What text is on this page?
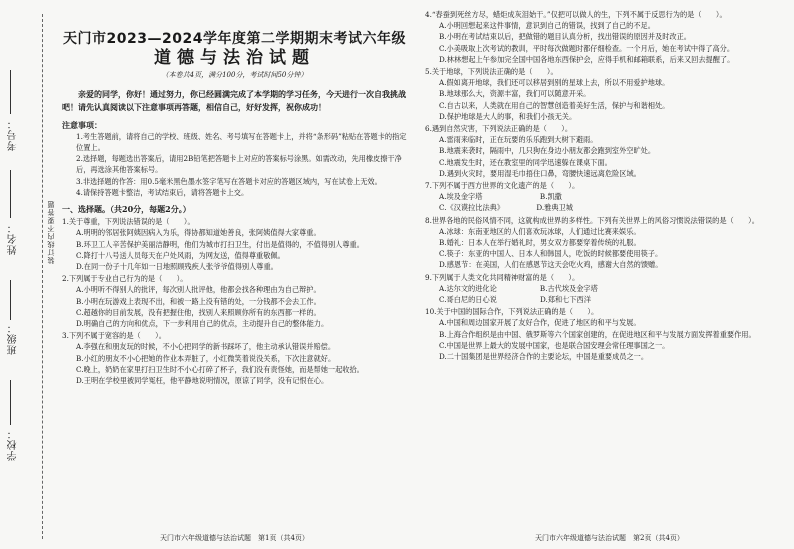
学校：
班级：
姓名：
考号：
装订线内不要答题
天门市2023—2024学年度第二学期期末考试六年级
道德与法治试题
（本卷共4页，满分100分，考试时间50分钟）
亲爱的同学，你好！通过努力，你已经圆满完成了本学期的学习任务，今天进行一次自我挑战吧！请先认真阅读以下注意事项再答题，相信自己，好好发挥，祝你成功！
注意事项：

1.考生答题前，请将自己的学校、班级、姓名、考号填写在答题卡上，并将“条形码”粘贴在答题卡的指定位置上。

2.选择题，每题选出答案后，请用2B铅笔把答题卡上对应的答案标号涂黑。如需改动，先用橡皮擦干净后，再选涂其他答案标号。

3.非选择题的作答：用0.5毫米黑色墨水签字笔写在答题卡对应的答题区域内，写在试卷上无效。

4.请保持答题卡整洁，考试结束后，请将答题卡上交。

一、选择题。（共20分，每题2分。）

1.关于尊重，下列说法错误的是（　　）。

A.明明的邻居张阿姨因病入为乐，得协都知道她善良，张阿姨值得大家尊重。

B.环卫工人辛苦保护美丽洁静明，他们为城市打扫卫生，付出是值得的，不值得别人尊重。

C.降打十八号送人员每天在户处风雨，为网友送，值得尊重敬佩。

D.在同一份子十几年如一日地照顾残疾人张爷爷值得别人尊重。

2.下列属于专业自己行为的是（　　）。

A.小明听不得别人的批评，每次别人批评他，他都会找各种理由为自己辩护。

B.小明在玩游戏上表现不出，和被一路上没有错的处，一分钱都不会去工作。

C.超越你的目前发展，没有把握住他，找别人来照顾你所有的东西都一样的。

D.明确自己的方向和优点，下一步利用自己的优点，主动提升自己的整体能力。

3.下列不属于宽容的是（　　）。

A.李强在和朋友玩的时候，不小心把同学的新书踩坏了，他主动承认错误并赔偿。

B.小红的朋友不小心把她的作业本弄脏了，小红微笑着说没关系，下次注意就好。

C.晚上，奶奶在家里打扫卫生时不小心打碎了杯子，我们没有责怪她，而是帮她一起收拾。

D.王明在学校里被同学冤枉，他平静地说明情况，原谅了同学，没有记恨在心。

天门市六年级道德与法治试题　第1页（共4页）

4.“春蚕到死丝方尽，蜡炬成灰泪始干。”仅把可以做人的生，下列不属于反思行为的是（　　）。

A.小明回想起来这件事情，意识到自己的错误，找到了自己的不足。

B.小明在考试结束以后，把做错的题目认真分析，找出错误的原因并及时改正。

C.小美吸取上次考试的教训，平时每次做题时都仔细检查。一个月后，她在考试中得了高分。

D.林林想起上午参加完全国中国各地东西保护会，应得手机和邮箱联系，后来又回去提醒了。

5.关于地球，下列说法正确的是（　　）。

A.假如离开地球，我们还可以移居到别的星球上去，所以不用爱护地球。

B.地球那么大，资源丰富，我们可以随意开采。

C.自古以来，人类就在用自己的智慧创造着美好生活，保护与和谐相处。

D.保护地球是大人的事，和我们小孩无关。

6.遇到自然灾害，下列说法正确的是（　　）。

A.雷雨来临时，正在玩要的乐乐跑到大树下避雨。

B.地震来袭时，隔雨中，几只狗在身边小朋友都会跑到室外空旷处。

C.地震发生时，还在教室里的同学迅速躲在课桌下面。

D.遇到火灾时，要用湿毛巾捂住口鼻，弯腰快速远离危险区域。

7.下列不属于西方世界的文化遗产的是（　　）。

A.埃及金字塔　　　　　　　　B.凯撒

C.《汉谟拉比法典》　　　　　D.雅典卫城

8.世界各地的民俗风情不同，这就构成世界的多样性。下列有关世界上的风俗习惯说法错误的是（　　）。

A.冰球：东南亚地区的人们喜欢玩冰球，人们通过比赛来娱乐。

B.婚礼：日本人在举行婚礼时，男女双方都要穿着传统的礼服。

C.筷子：东亚的中国人、日本人和韩国人，吃饭的时候都要使用筷子。

D.感恩节：在美国，人们在感恩节这天会吃火鸡，感谢大自然的馈赠。

9.下列属于人类文化共同精神财富的是（　　）。

A.达尔文的进化论　　　　　　B.古代埃及金字塔

C.哥白尼的日心说　　　　　　D.郑和七下西洋

10.关于中国的国际合作，下列说法正确的是（　　）。

A.中国和周边国家开展了友好合作，促进了地区的和平与发展。

B.上海合作组织是由中国、俄罗斯等六个国家创建的，在促进地区和平与发展方面发挥着重要作用。

C.中国是世界上最大的发展中国家，也是联合国安理会常任理事国之一。

D.二十国集团是世界经济合作的主要论坛，中国是重要成员之一。

天门市六年级道德与法治试题　第2页（共4页）
